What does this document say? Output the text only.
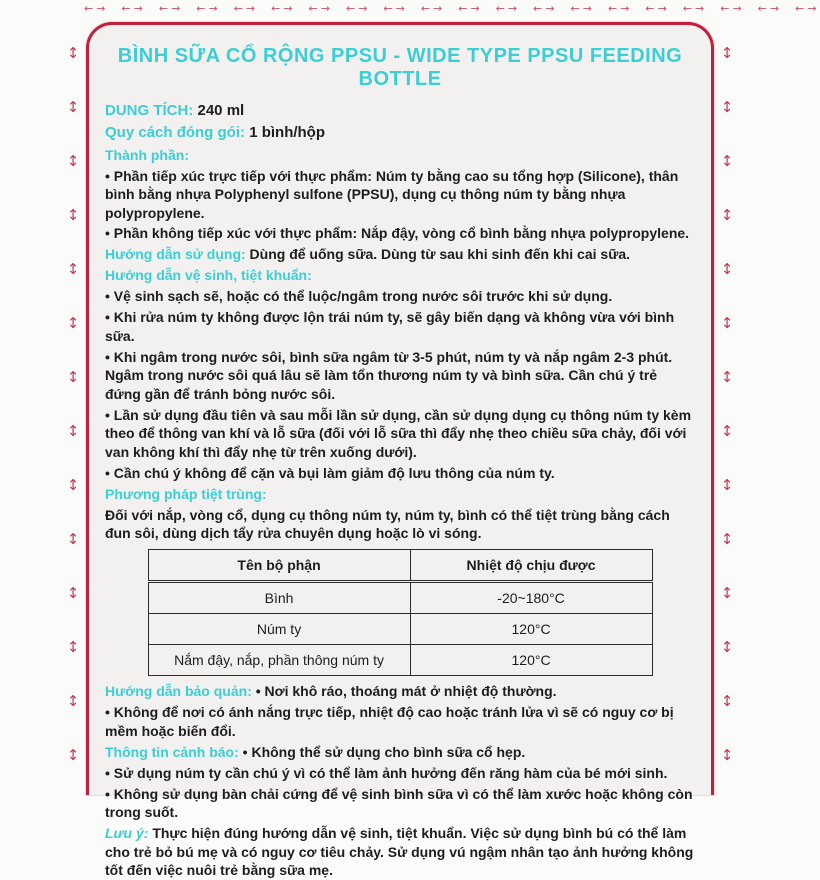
←→  ←→  ←→  ←→  ←→  ←→  ←→  ←→  ←→  ←→  ←→  ←→  ←→  ←→  ←→  ←→  ←→  ←→  ←→  ←→
↕
↕
↕
↕
↕
↕
↕
↕
↕
↕
↕
↕
↕
↕
↕
↕
↕
↕
↕
↕
↕
↕
↕
↕
↕
↕
↕
↕
BÌNH SỮA CỔ RỘNG PPSU - WIDE TYPE PPSU FEEDING BOTTLE

DUNG TÍCH: 240 ml

Quy cách đóng gói: 1 bình/hộp

Thành phần:

• Phần tiếp xúc trực tiếp với thực phẩm: Núm ty bằng cao su tổng hợp (Silicone), thân bình bằng nhựa Polyphenyl sulfone (PPSU), dụng cụ thông núm ty bằng nhựa polypropylene.

• Phần không tiếp xúc với thực phẩm: Nắp đậy, vòng cổ bình bằng nhựa polypropylene.

Hướng dẫn sử dụng: Dùng để uống sữa. Dùng từ sau khi sinh đến khi cai sữa.

Hướng dẫn vệ sinh, tiệt khuẩn:

• Vệ sinh sạch sẽ, hoặc có thể luộc/ngâm trong nước sôi trước khi sử dụng.

• Khi rửa núm ty không được lộn trái núm ty, sẽ gây biến dạng và không vừa với bình sữa.

• Khi ngâm trong nước sôi, bình sữa ngâm từ 3-5 phút, núm ty và nắp ngâm 2-3 phút. Ngâm trong nước sôi quá lâu sẽ làm tổn thương núm ty và bình sữa. Cần chú ý trẻ đứng gần để tránh bỏng nước sôi.

• Lần sử dụng đầu tiên và sau mỗi lần sử dụng, cần sử dụng dụng cụ thông núm ty kèm theo để thông van khí và lỗ sữa (đối với lỗ sữa thì đẩy nhẹ theo chiều sữa chảy, đối với van không khí thì đẩy nhẹ từ trên xuống dưới).

• Cần chú ý không để cặn và bụi làm giảm độ lưu thông của núm ty.

Phương pháp tiệt trùng:

Đối với nắp, vòng cổ, dụng cụ thông núm ty, núm ty, bình có thể tiệt trùng bằng cách đun sôi, dùng dịch tẩy rửa chuyên dụng hoặc lò vi sóng.

Tên bộ phận	Nhiệt độ chịu được
Bình	-20~180°C
Núm ty	120°C
Nắm đậy, nắp, phần thông núm ty	120°C

Hướng dẫn bảo quản: • Nơi khô ráo, thoáng mát ở nhiệt độ thường.

• Không để nơi có ánh nắng trực tiếp, nhiệt độ cao hoặc tránh lửa vì sẽ có nguy cơ bị mềm hoặc biến đổi.

Thông tin cảnh báo: • Không thể sử dụng cho bình sữa cổ hẹp.

• Sử dụng núm ty cần chú ý vì có thể làm ảnh hưởng đến răng hàm của bé mới sinh.

• Không sử dụng bàn chải cứng để vệ sinh bình sữa vì có thể làm xước hoặc không còn trong suốt.

Lưu ý: Thực hiện đúng hướng dẫn vệ sinh, tiệt khuẩn. Việc sử dụng bình bú có thể làm cho trẻ bỏ bú mẹ và có nguy cơ tiêu chảy. Sử dụng vú ngậm nhân tạo ảnh hưởng không tốt đến việc nuôi trẻ bằng sữa mẹ.
